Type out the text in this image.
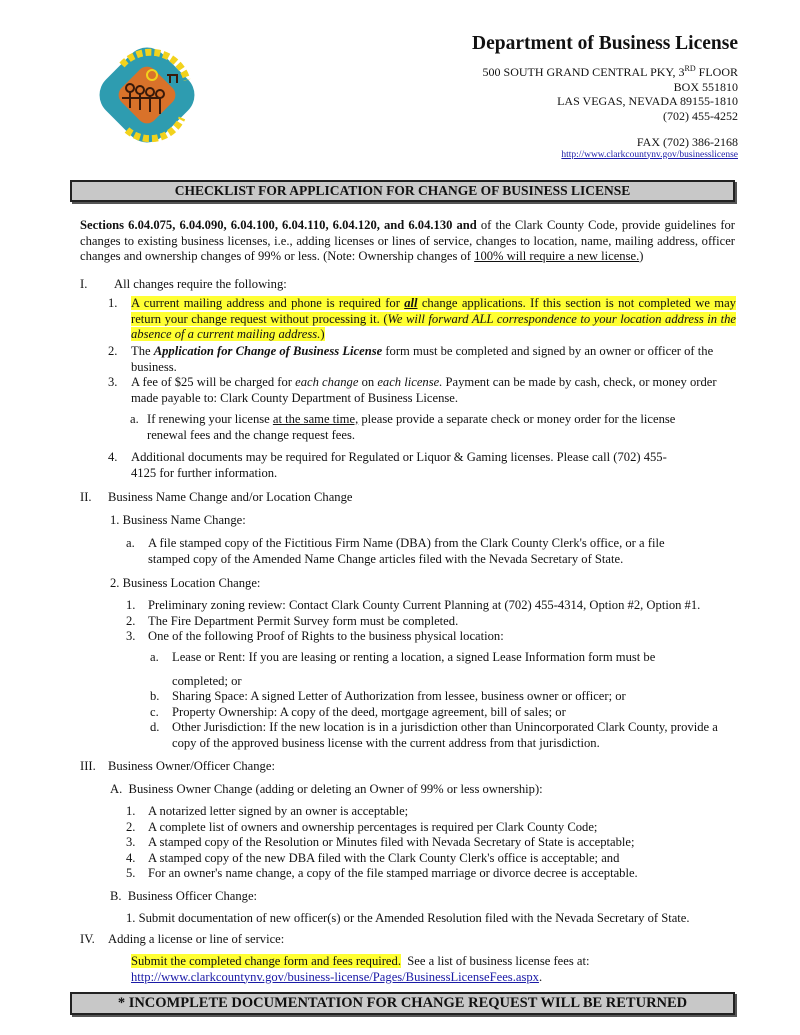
Department of Business License
500 SOUTH GRAND CENTRAL PKY, 3RD FLOOR
BOX 551810
LAS VEGAS, NEVADA 89155-1810
(702) 455-4252
FAX (702) 386-2168
http://www.clarkcountynv.gov/businesslicense
CHECKLIST FOR APPLICATION FOR CHANGE OF BUSINESS LICENSE
Sections 6.04.075, 6.04.090, 6.04.100, 6.04.110, 6.04.120, and 6.04.130 and of the Clark County Code, provide guidelines for changes to existing business licenses, i.e., adding licenses or lines of service, changes to location, name, mailing address, officer changes and ownership changes of 99% or less. (Note: Ownership changes of 100% will require a new license.)
I. All changes require the following:
1. A current mailing address and phone is required for all change applications. If this section is not completed we may return your change request without processing it. (We will forward ALL correspondence to your location address in the absence of a current mailing address.)
2. The Application for Change of Business License form must be completed and signed by an owner or officer of the business.
3. A fee of $25 will be charged for each change on each license. Payment can be made by cash, check, or money order made payable to: Clark County Department of Business License.
a. If renewing your license at the same time, please provide a separate check or money order for the license renewal fees and the change request fees.
4. Additional documents may be required for Regulated or Liquor & Gaming licenses. Please call (702) 455-4125 for further information.
II. Business Name Change and/or Location Change
1. Business Name Change:
a. A file stamped copy of the Fictitious Firm Name (DBA) from the Clark County Clerk's office, or a file stamped copy of the Amended Name Change articles filed with the Nevada Secretary of State.
2. Business Location Change:
1. Preliminary zoning review: Contact Clark County Current Planning at (702) 455-4314, Option #2, Option #1.
2. The Fire Department Permit Survey form must be completed.
3. One of the following Proof of Rights to the business physical location:
a. Lease or Rent: If you are leasing or renting a location, a signed Lease Information form must be
completed; or
b. Sharing Space: A signed Letter of Authorization from lessee, business owner or officer; or
c. Property Ownership: A copy of the deed, mortgage agreement, bill of sales; or
d. Other Jurisdiction: If the new location is in a jurisdiction other than Unincorporated Clark County, provide a copy of the approved business license with the current address from that jurisdiction.
III. Business Owner/Officer Change:
A. Business Owner Change (adding or deleting an Owner of 99% or less ownership):
1. A notarized letter signed by an owner is acceptable;
2. A complete list of owners and ownership percentages is required per Clark County Code;
3. A stamped copy of the Resolution or Minutes filed with Nevada Secretary of State is acceptable;
4. A stamped copy of the new DBA filed with the Clark County Clerk's office is acceptable; and
5. For an owner's name change, a copy of the file stamped marriage or divorce decree is acceptable.
B. Business Officer Change:
1. Submit documentation of new officer(s) or the Amended Resolution filed with the Nevada Secretary of State.
IV. Adding a license or line of service:
Submit the completed change form and fees required.  See a list of business license fees at:
http://www.clarkcountynv.gov/business-license/Pages/BusinessLicenseFees.aspx.
* INCOMPLETE DOCUMENTATION FOR CHANGE REQUEST WILL BE RETURNED
